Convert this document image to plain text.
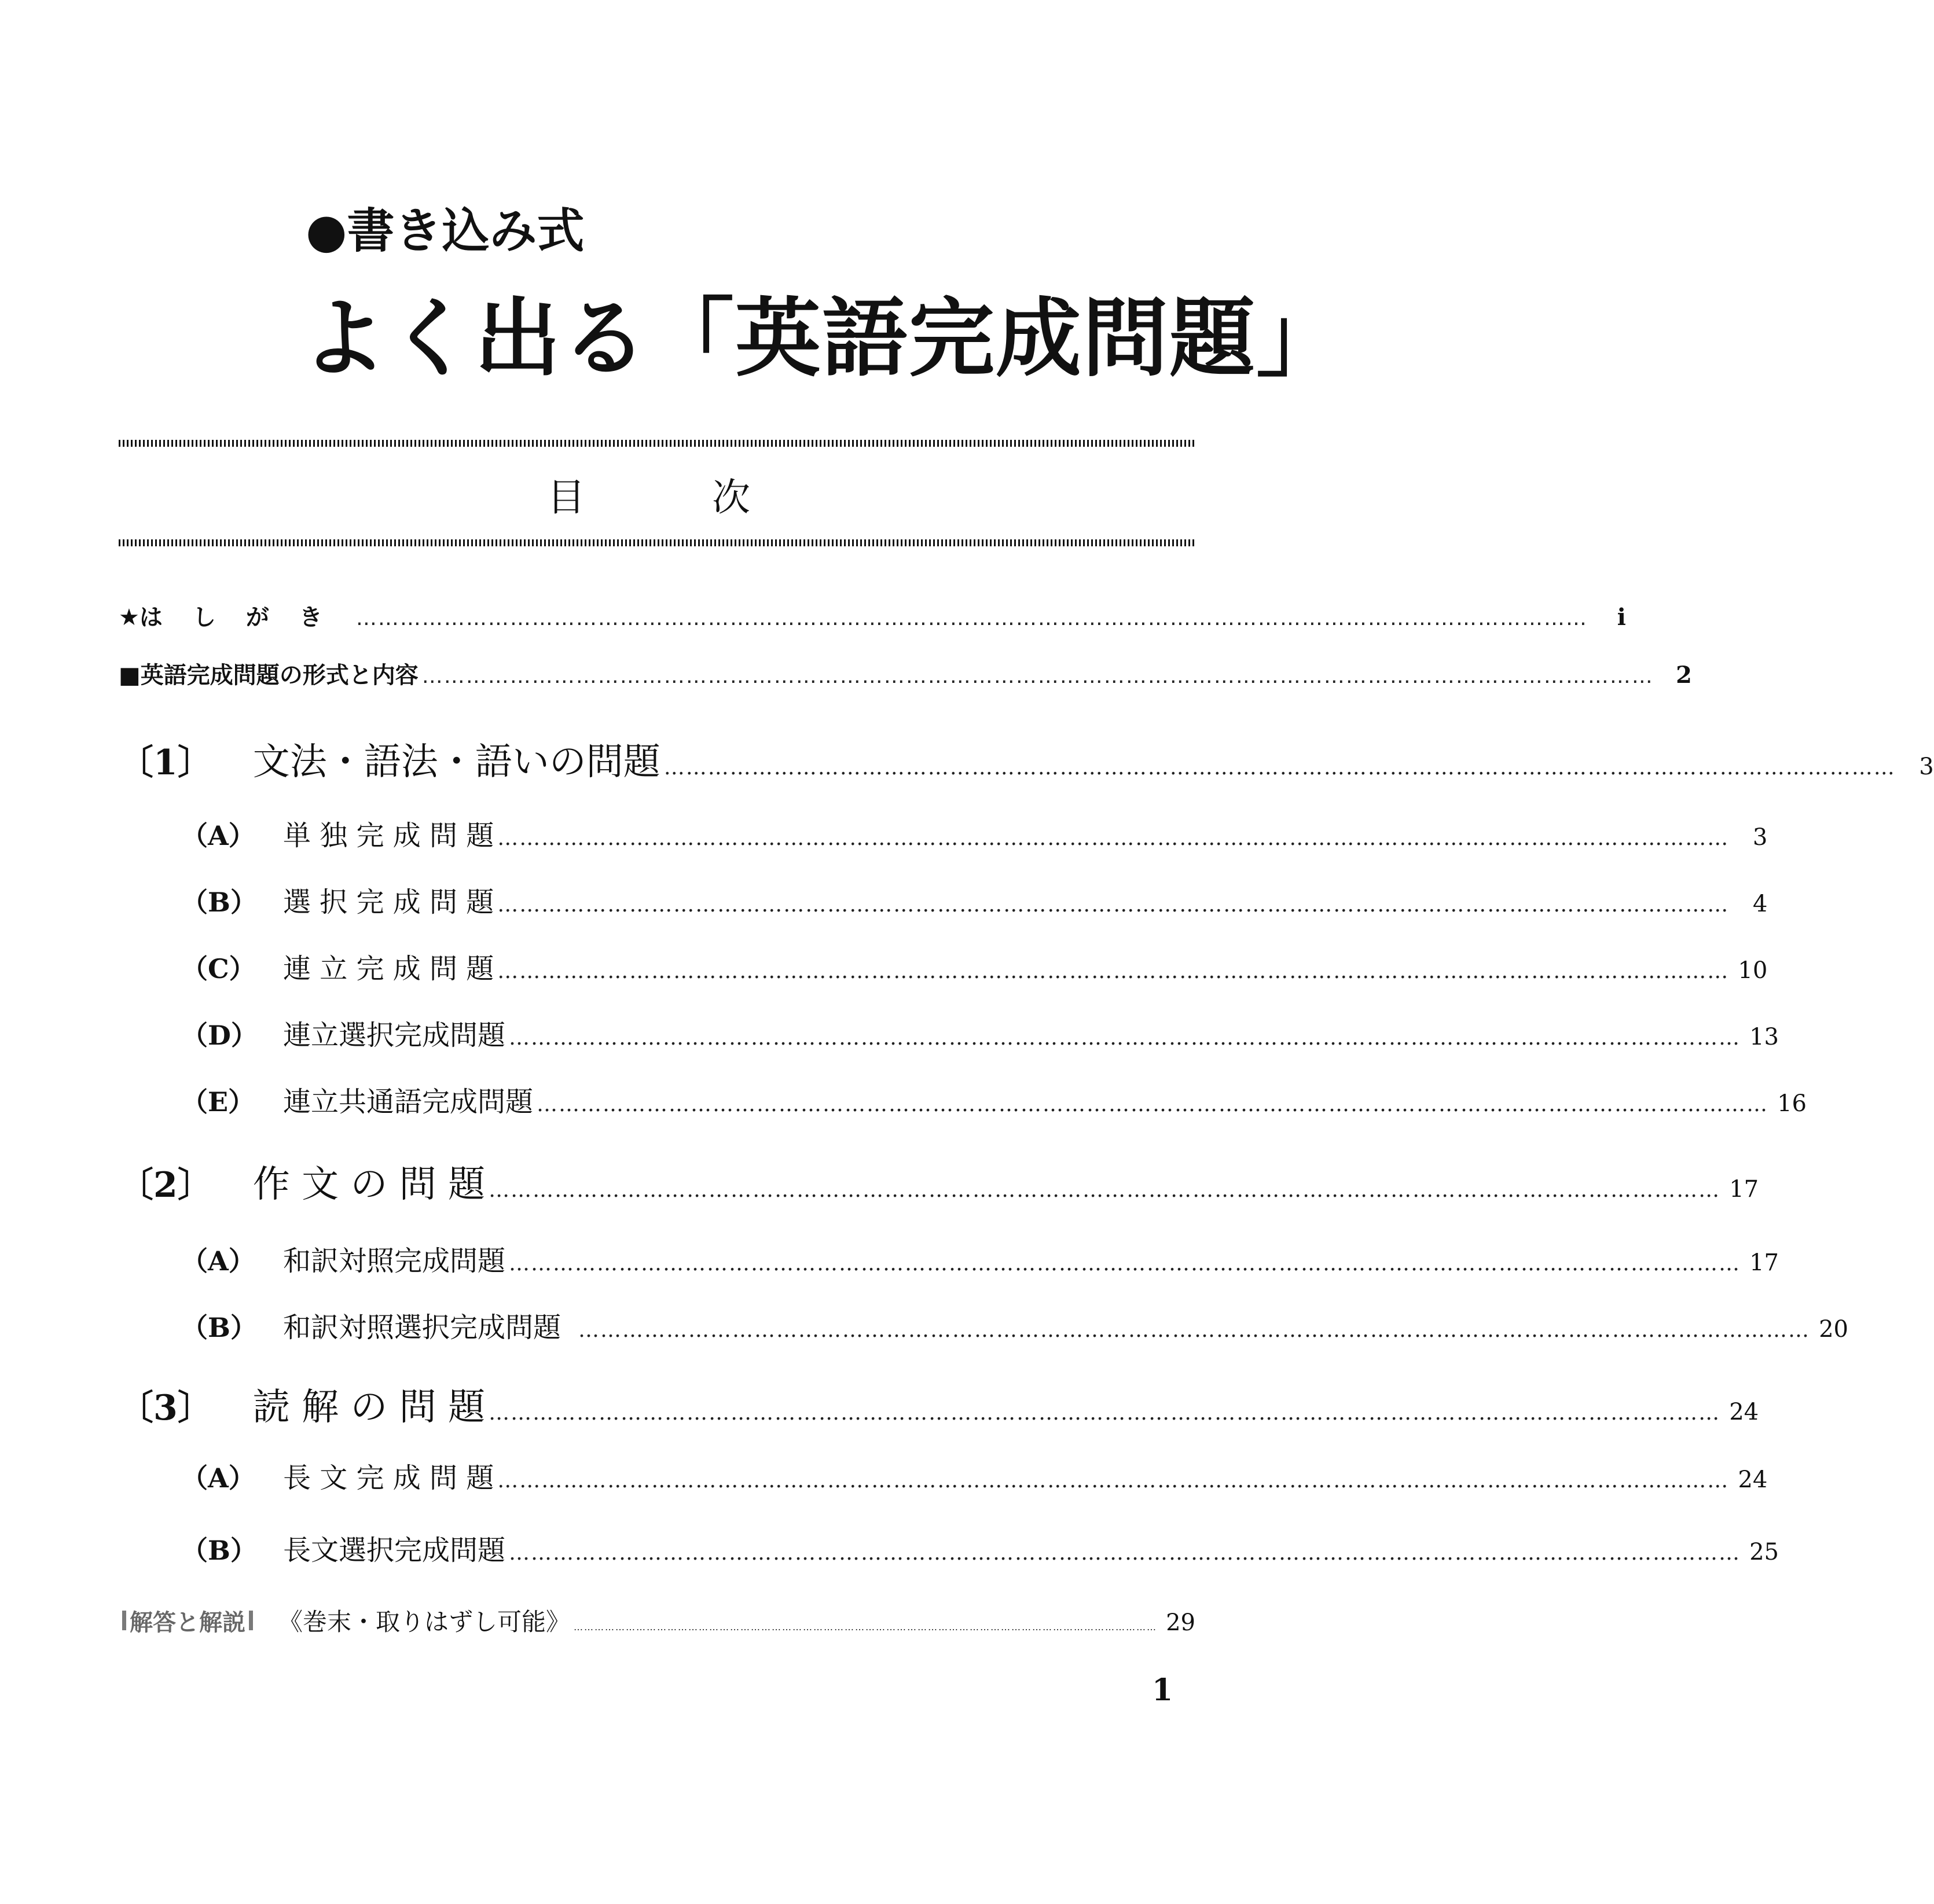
●書き込み式
よく出る「英語完成問題」
目	次
★ はしがき ……………………………………………………………………………………………………………………………………………………	i
■ 英語完成問題の形式と内容 …………………………………………………………………………………………………………………………………………………… 2
〔1〕 文法・語法・語いの問題 ……………………………………………………………………………………………………………………………………………………	3
（A）	単 独 完 成 問 題 ……………………………………………………………………………………………………………………………………………………	3
（B） 選 択 完 成 問 題 ……………………………………………………………………………………………………………………………………………………	4
（C） 連 立 完 成 問 題 …………………………………………………………………………………………………………………………………………………… 10
（D） 連立選択完成問題 …………………………………………………………………………………………………………………………………………………… 13
（E）	連立共通語完成問題 …………………………………………………………………………………………………………………………………………………… 16
〔2〕 作 文 の 問 題 …………………………………………………………………………………………………………………………………………………… 17
（A）	和訳対照完成問題 …………………………………………………………………………………………………………………………………………………… 17
（B） 和訳対照選択完成問題 …………………………………………………………………………………………………………………………………………………… 20
〔3〕 読 解 の 問 題 …………………………………………………………………………………………………………………………………………………… 24
（A）	長 文 完 成 問 題 …………………………………………………………………………………………………………………………………………………… 24
（B） 長文選択完成問題 …………………………………………………………………………………………………………………………………………………… 25
解答と解説 《巻末・取りはずし可能》 …………………………………………………………………………………………………………………………………………………… 29
1
